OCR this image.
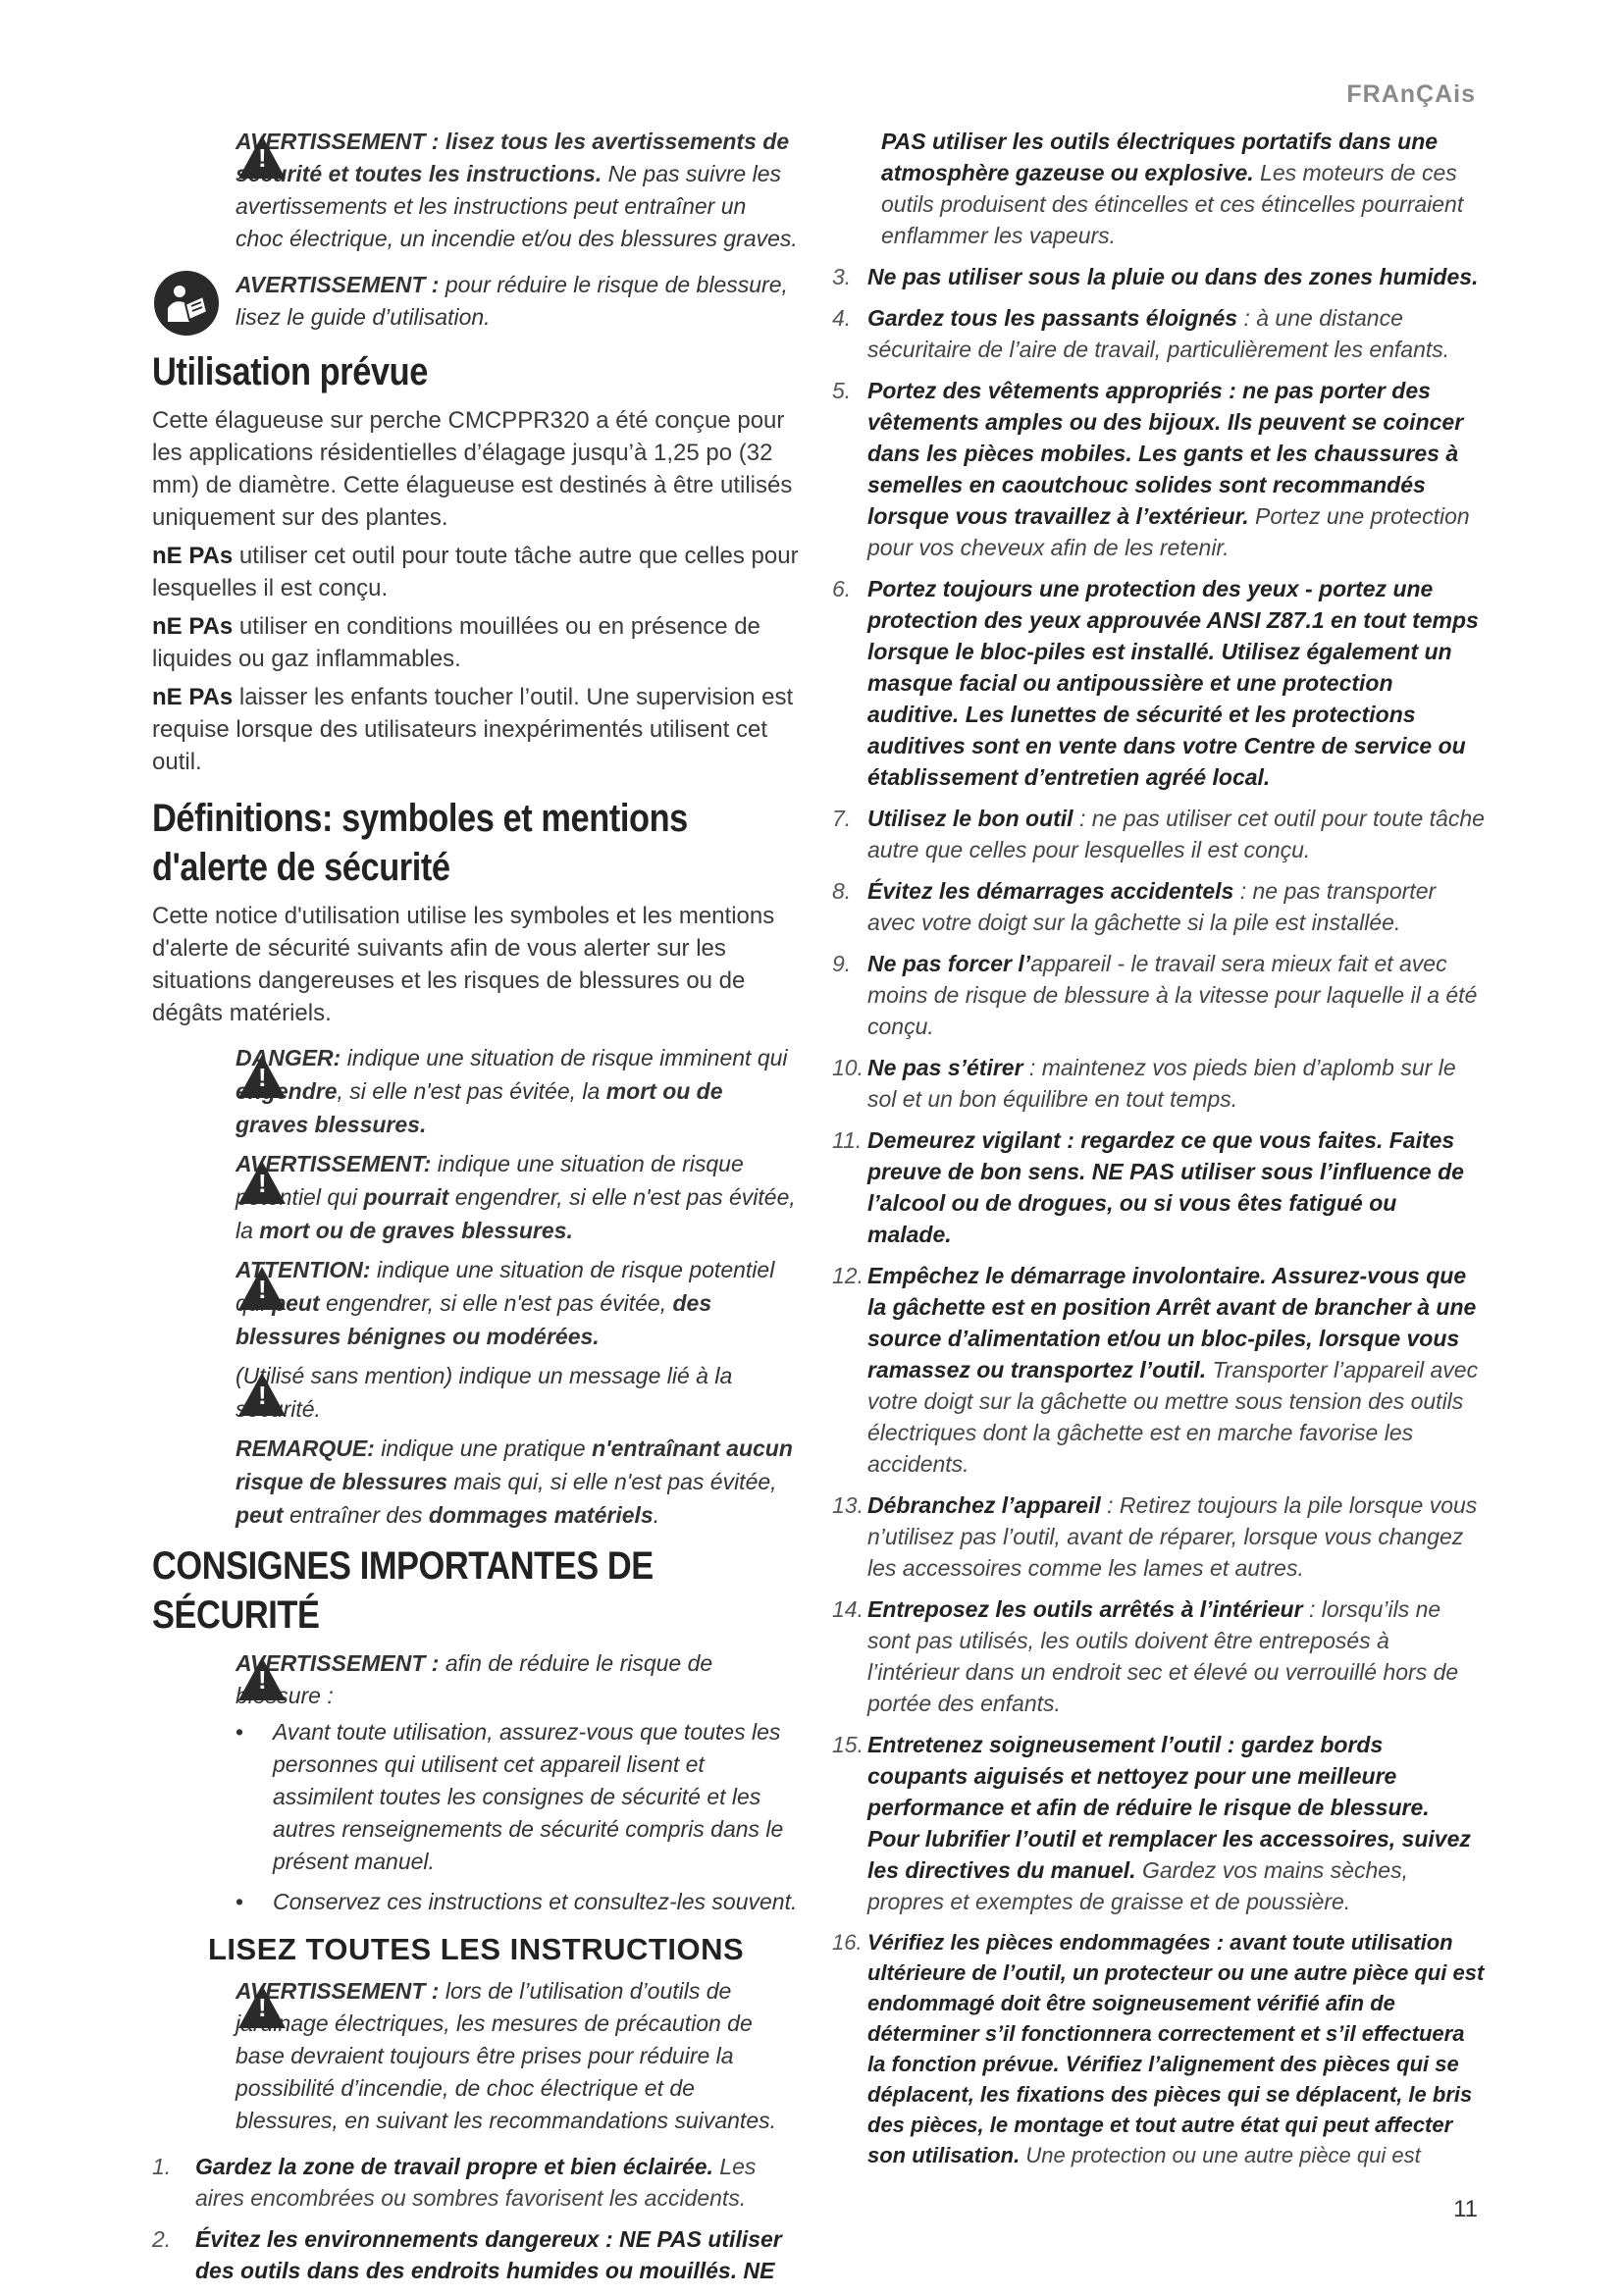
FRAnÇAis
!
AVERTISSEMENT : lisez tous les avertissements de sécurité et toutes les instructions. Ne pas suivre les avertissements et les instructions peut entraîner un choc électrique, un incendie et/ou des blessures graves.
AVERTISSEMENT : pour réduire le risque de blessure, lisez le guide d’utilisation.
Utilisation prévue

Cette élagueuse sur perche CMCPPR320 a été conçue pour les applications résidentielles d’élagage jusqu’à 1,25 po (32 mm) de diamètre. Cette élagueuse est destinés à être utilisés uniquement sur des plantes.

nE PAs utiliser cet outil pour toute tâche autre que celles pour lesquelles il est conçu.

nE PAs utiliser en conditions mouillées ou en présence de liquides ou gaz inflammables.

nE PAs laisser les enfants toucher l’outil. Une supervision est requise lorsque des utilisateurs inexpérimentés utilisent cet outil.

Définitions: symboles et mentions d'alerte de sécurité

Cette notice d'utilisation utilise les symboles et les mentions d'alerte de sécurité suivants afin de vous alerter sur les situations dangereuses et les risques de blessures ou de dégâts matériels.

!
DANGER: indique une situation de risque imminent qui engendre, si elle n'est pas évitée, la mort ou de graves blessures.
!
AVERTISSEMENT: indique une situation de risque potentiel qui pourrait engendrer, si elle n'est pas évitée, la mort ou de graves blessures.
!
ATTENTION: indique une situation de risque potentiel qui peut engendrer, si elle n'est pas évitée, des blessures bénignes ou modérées.
!
(Utilisé sans mention) indique un message lié à la sécurité.
REMARQUE: indique une pratique n'entraînant aucun risque de blessures mais qui, si elle n'est pas évitée, peut entraîner des dommages matériels.
CONSIGNES IMPORTANTES DE SÉCURITÉ
!
AVERTISSEMENT : afin de réduire le risque de blessure :
• Avant toute utilisation, assurez-vous que toutes les personnes qui utilisent cet appareil lisent et assimilent toutes les consignes de sécurité et les autres renseignements de sécurité compris dans le présent manuel.
• Conservez ces instructions et consultez-les souvent.
LISEZ TOUTES LES INSTRUCTIONS
!
AVERTISSEMENT : lors de l’utilisation d’outils de jardinage électriques, les mesures de précaution de base devraient toujours être prises pour réduire la possibilité d’incendie, de choc électrique et de blessures, en suivant les recommandations suivantes.
1. Gardez la zone de travail propre et bien éclairée. Les aires encombrées ou sombres favorisent les accidents.
2. Évitez les environnements dangereux : NE PAS utiliser des outils dans des endroits humides ou mouillés. NE
PAS utiliser les outils électriques portatifs dans une atmosphère gazeuse ou explosive. Les moteurs de ces outils produisent des étincelles et ces étincelles pourraient enflammer les vapeurs.
3. Ne pas utiliser sous la pluie ou dans des zones humides.
4. Gardez tous les passants éloignés : à une distance sécuritaire de l’aire de travail, particulièrement les enfants.
5. Portez des vêtements appropriés : ne pas porter des vêtements amples ou des bijoux. Ils peuvent se coincer dans les pièces mobiles. Les gants et les chaussures à semelles en caoutchouc solides sont recommandés lorsque vous travaillez à l’extérieur. Portez une protection pour vos cheveux afin de les retenir.
6. Portez toujours une protection des yeux - portez une protection des yeux approuvée ANSI Z87.1 en tout temps lorsque le bloc-piles est installé. Utilisez également un masque facial ou antipoussière et une protection auditive. Les lunettes de sécurité et les protections auditives sont en vente dans votre Centre de service ou établissement d’entretien agréé local.
7. Utilisez le bon outil : ne pas utiliser cet outil pour toute tâche autre que celles pour lesquelles il est conçu.
8. Évitez les démarrages accidentels : ne pas transporter avec votre doigt sur la gâchette si la pile est installée.
9. Ne pas forcer l’appareil - le travail sera mieux fait et avec moins de risque de blessure à la vitesse pour laquelle il a été conçu.
10. Ne pas s’étirer : maintenez vos pieds bien d’aplomb sur le sol et un bon équilibre en tout temps.
11. Demeurez vigilant : regardez ce que vous faites. Faites preuve de bon sens. NE PAS utiliser sous l’influence de l’alcool ou de drogues, ou si vous êtes fatigué ou malade.
12. Empêchez le démarrage involontaire. Assurez-vous que la gâchette est en position Arrêt avant de brancher à une source d’alimentation et/ou un bloc-piles, lorsque vous ramassez ou transportez l’outil. Transporter l’appareil avec votre doigt sur la gâchette ou mettre sous tension des outils électriques dont la gâchette est en marche favorise les accidents.
13. Débranchez l’appareil : Retirez toujours la pile lorsque vous n’utilisez pas l’outil, avant de réparer, lorsque vous changez les accessoires comme les lames et autres.
14. Entreposez les outils arrêtés à l’intérieur : lorsqu’ils ne sont pas utilisés, les outils doivent être entreposés à l’intérieur dans un endroit sec et élevé ou verrouillé hors de portée des enfants.
15. Entretenez soigneusement l’outil : gardez bords coupants aiguisés et nettoyez pour une meilleure performance et afin de réduire le risque de blessure. Pour lubrifier l’outil et remplacer les accessoires, suivez les directives du manuel. Gardez vos mains sèches, propres et exemptes de graisse et de poussière.
16. Vérifiez les pièces endommagées : avant toute utilisation ultérieure de l’outil, un protecteur ou une autre pièce qui est endommagé doit être soigneusement vérifié afin de déterminer s’il fonctionnera correctement et s’il effectuera la fonction prévue. Vérifiez l’alignement des pièces qui se déplacent, les fixations des pièces qui se déplacent, le bris des pièces, le montage et tout autre état qui peut affecter son utilisation. Une protection ou une autre pièce qui est
11
